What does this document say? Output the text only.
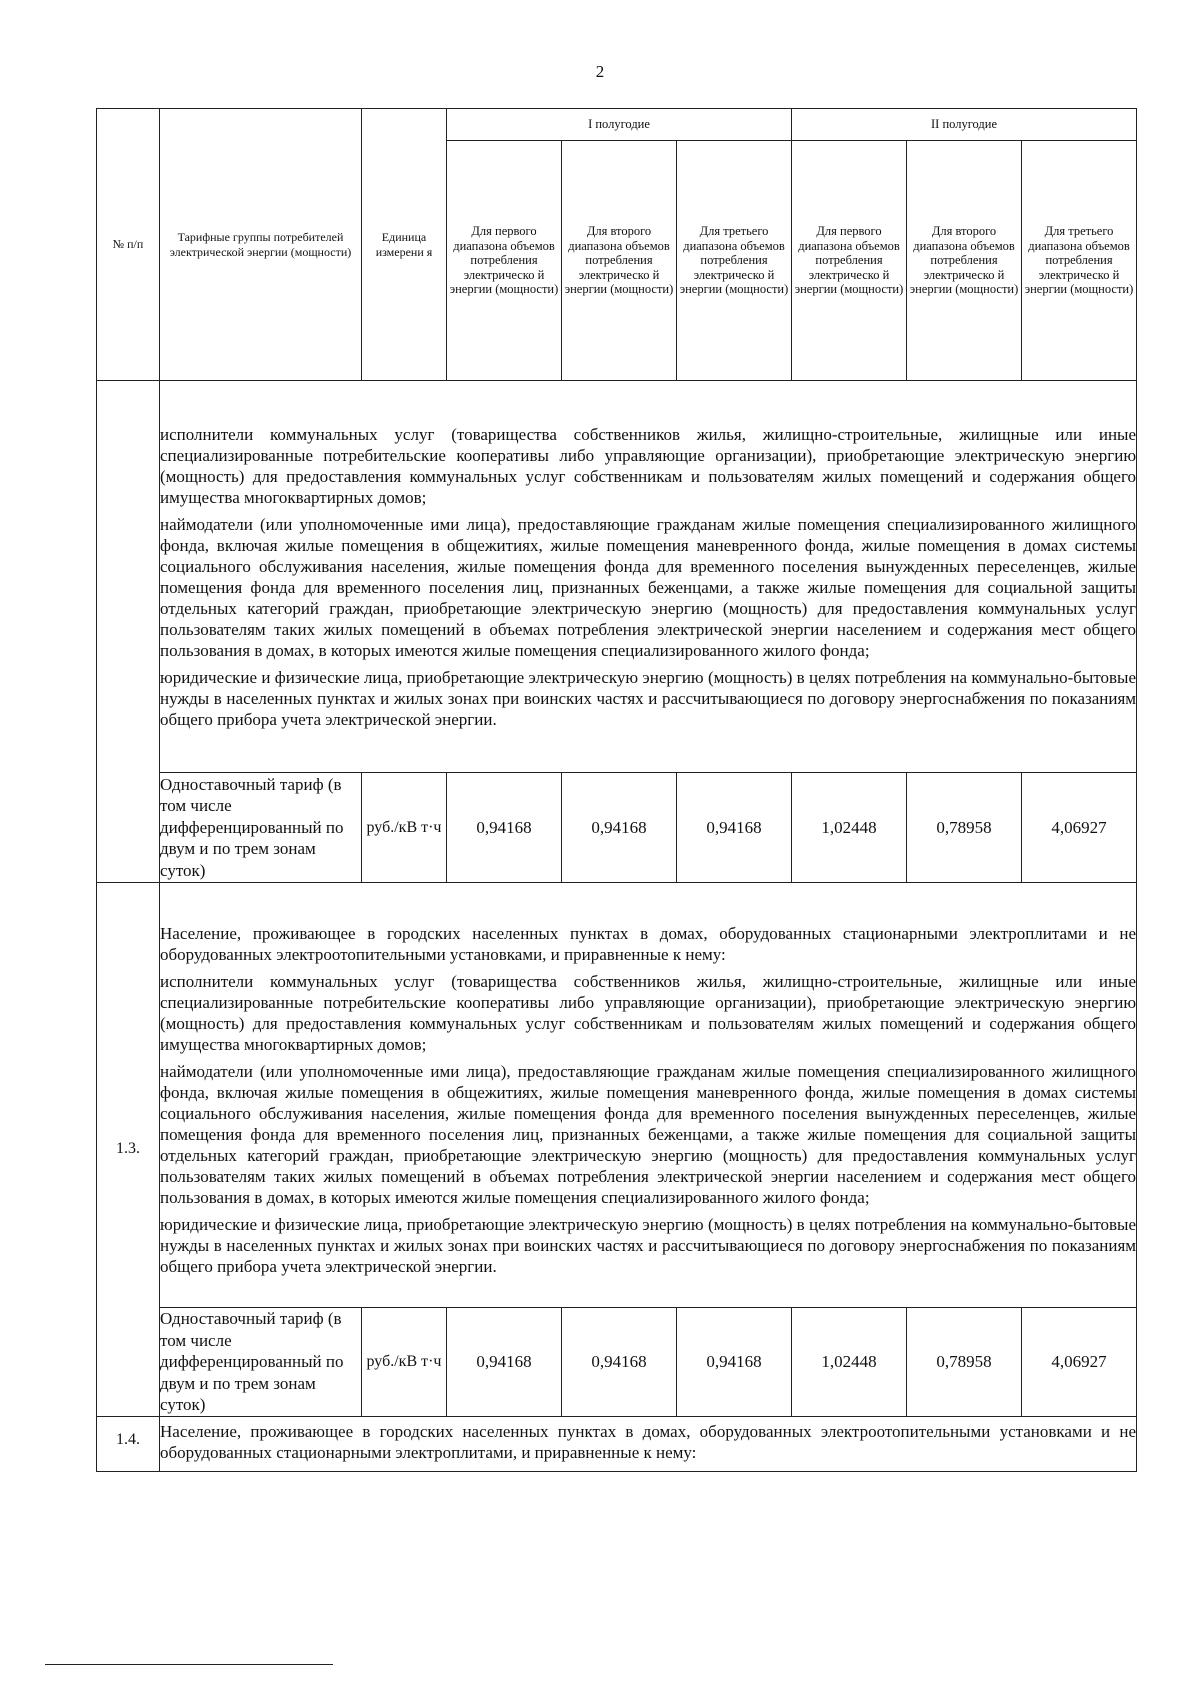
2
№ п/п	Тарифные группы потребителей электрической энергии (мощности)	Единица измерени я	I полугодие			II полугодие		
			Для первого диапазона объемов потребления электрическо й энергии (мощности)	Для второго диапазона объемов потребления электрическо й энергии (мощности)	Для третьего диапазона объемов потребления электрическо й энергии (мощности)	Для первого диапазона объемов потребления электрическо й энергии (мощности)	Для второго диапазона объемов потребления электрическо й энергии (мощности)	Для третьего диапазона объемов потребления электрическо й энергии (мощности)

	исполнители коммунальных услуг (товарищества собственников жилья, жилищно-строительные, жилищные или иные специализированные потребительские кооперативы либо управляющие организации), приобретающие электрическую энергию (мощность) для предоставления коммунальных услуг собственникам и пользователям жилых помещений и содержания общего имущества многоквартирных домов;

наймодатели (или уполномоченные ими лица), предоставляющие гражданам жилые помещения специализированного жилищного фонда, включая жилые помещения в общежитиях, жилые помещения маневренного фонда, жилые помещения в домах системы социального обслуживания населения, жилые помещения фонда для временного поселения вынужденных переселенцев, жилые помещения фонда для временного поселения лиц, признанных беженцами, а также жилые помещения для социальной защиты отдельных категорий граждан, приобретающие электрическую энергию (мощность) для предоставления коммунальных услуг пользователям таких жилых помещений в объемах потребления электрической энергии населением и содержания мест общего пользования в домах, в которых имеются жилые помещения специализированного жилого фонда;

юридические и физические лица, приобретающие электрическую энергию (мощность) в целях потребления на коммунально-бытовые нужды в населенных пунктах и жилых зонах при воинских частях и рассчитывающиеся по договору энергоснабжения по показаниям общего прибора учета электрической энергии.							

	Одноставочный тариф (в том числе дифференцированный по двум и по трем зонам суток)	руб./кВ т·ч	0,94168	0,94168	0,94168	1,02448	0,78958	4,06927
1.3.	Население, проживающее в городских населенных пунктах в домах, оборудованных стационарными электроплитами и не оборудованных электроотопительными установками, и приравненные к нему:

исполнители коммунальных услуг (товарищества собственников жилья, жилищно-строительные, жилищные или иные специализированные потребительские кооперативы либо управляющие организации), приобретающие электрическую энергию (мощность) для предоставления коммунальных услуг собственникам и пользователям жилых помещений и содержания общего имущества многоквартирных домов;

наймодатели (или уполномоченные ими лица), предоставляющие гражданам жилые помещения специализированного жилищного фонда, включая жилые помещения в общежитиях, жилые помещения маневренного фонда, жилые помещения в домах системы социального обслуживания населения, жилые помещения фонда для временного поселения вынужденных переселенцев, жилые помещения фонда для временного поселения лиц, признанных беженцами, а также жилые помещения для социальной защиты отдельных категорий граждан, приобретающие электрическую энергию (мощность) для предоставления коммунальных услуг пользователям таких жилых помещений в объемах потребления электрической энергии населением и содержания мест общего пользования в домах, в которых имеются жилые помещения специализированного жилого фонда;

юридические и физические лица, приобретающие электрическую энергию (мощность) в целях потребления на коммунально-бытовые нужды в населенных пунктах и жилых зонах при воинских частях и рассчитывающиеся по договору энергоснабжения по показаниям общего прибора учета электрической энергии.							

	Одноставочный тариф (в том числе дифференцированный по двум и по трем зонам суток)	руб./кВ т·ч	0,94168	0,94168	0,94168	1,02448	0,78958	4,06927
1.4.	Население, проживающее в городских населенных пунктах в домах, оборудованных электроотопительными установками и не оборудованных стационарными электроплитами, и приравненные к нему:							
